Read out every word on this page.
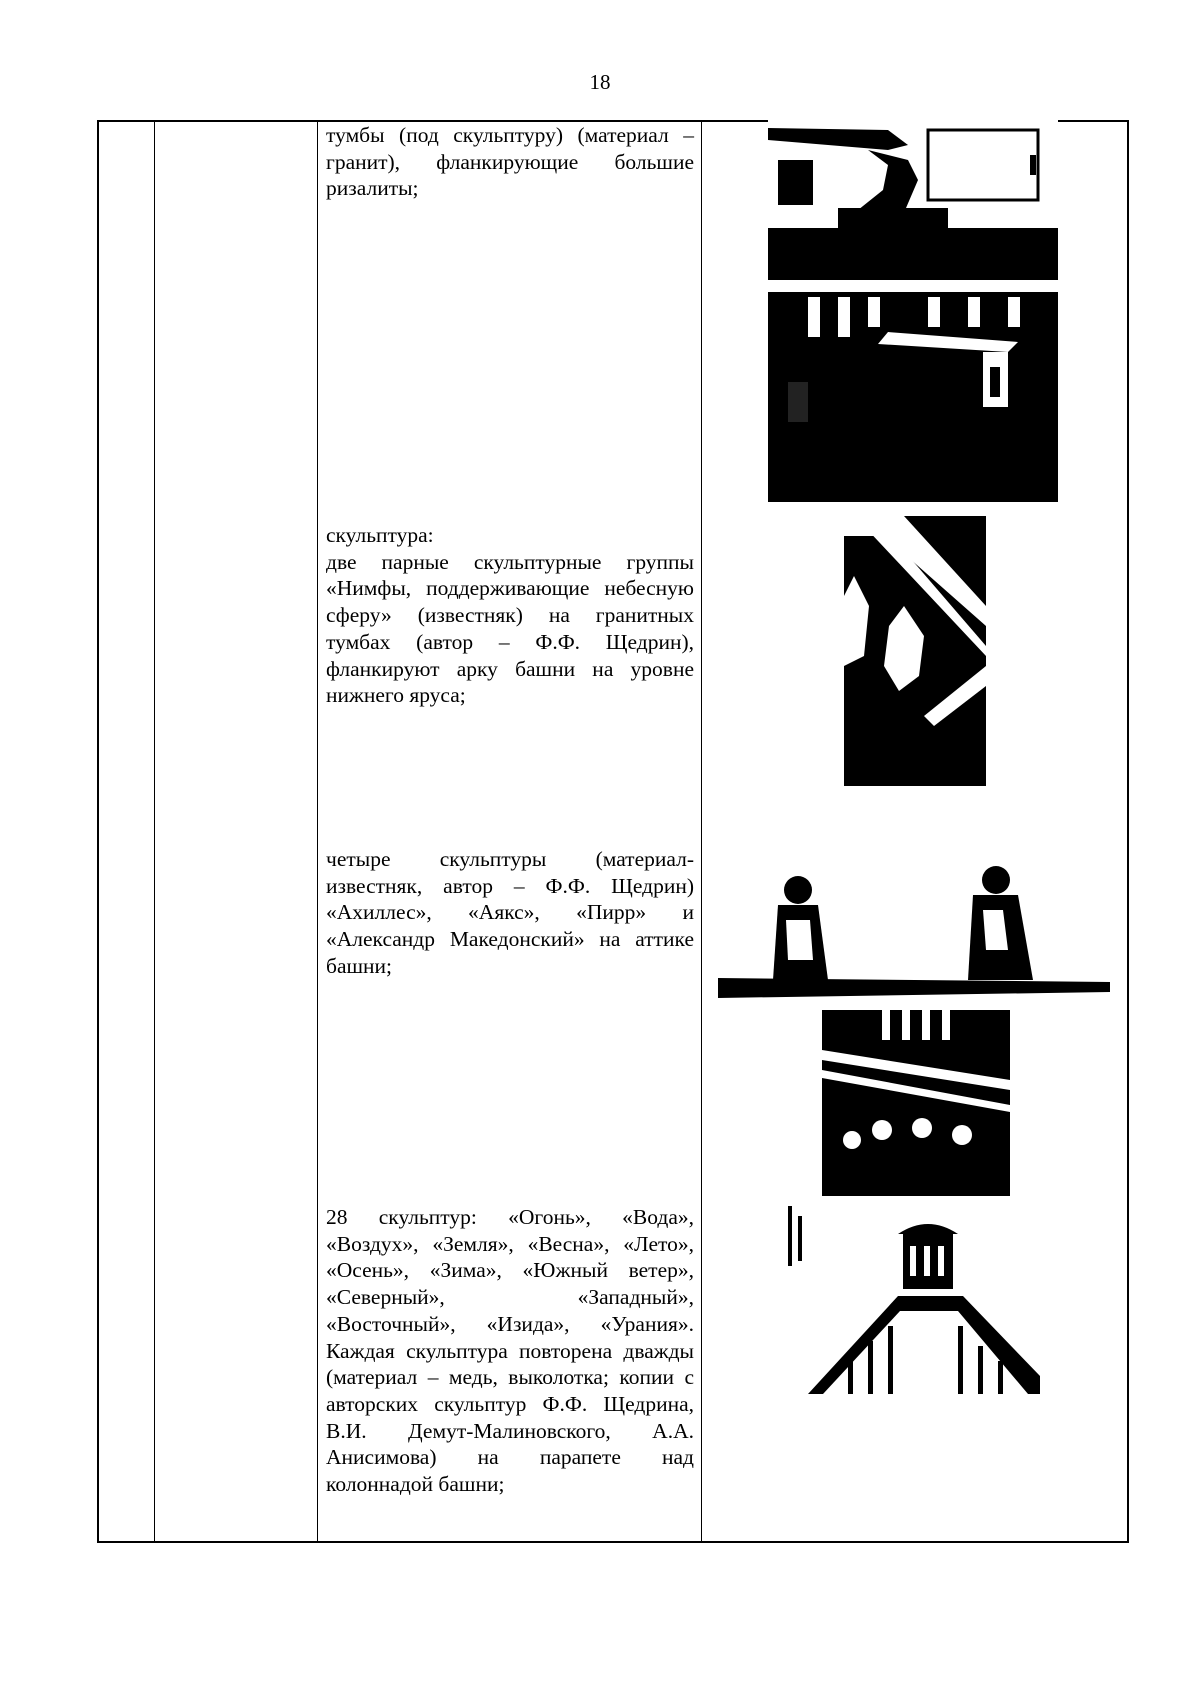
18

тумбы (под скульптуру) (материал – гранит), фланкирующие большие ризалиты;

скульптура:

две парные скульптурные группы «Нимфы, поддерживающие небесную сферу» (известняк) на гранитных тумбах (автор – Ф.Ф. Щедрин), фланкируют арку башни на уровне нижнего яруса;

четыре скульптуры (материал-известняк, автор – Ф.Ф. Щедрин) «Ахиллес», «Аякс», «Пирр» и «Александр Македонский» на аттике башни;

28 скульптур: «Огонь», «Вода», «Воздух», «Земля», «Весна», «Лето», «Осень», «Зима», «Южный ветер», «Северный», «Западный», «Восточный», «Изида», «Урания». Каждая скульптура повторена дважды (материал – медь, выколотка; копии с авторских скульптур Ф.Ф. Щедрина, В.И. Демут-Малиновского, А.А. Анисимова) на парапете над колоннадой башни;
